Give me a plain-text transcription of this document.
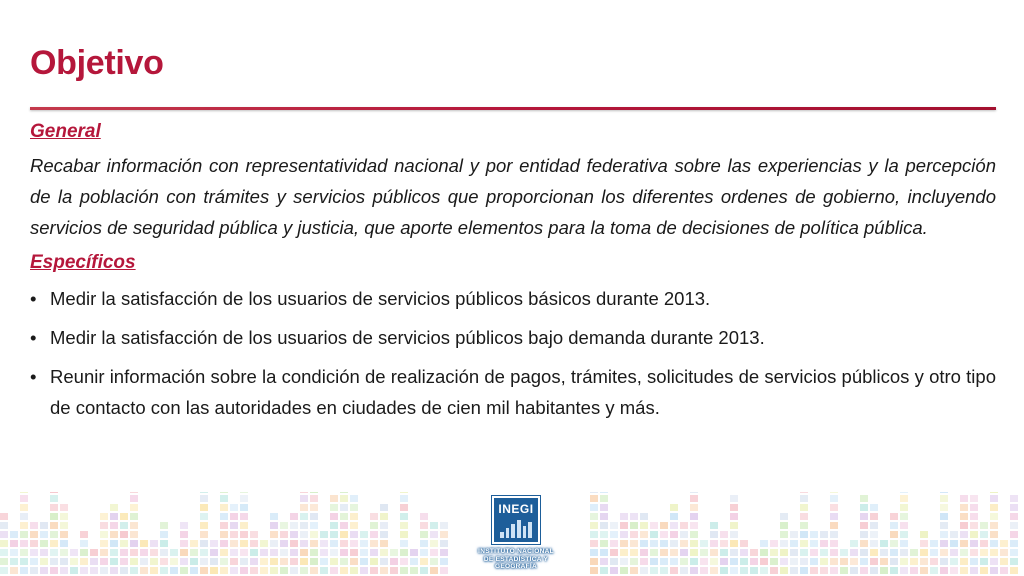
Objetivo

General

Recabar información con representatividad nacional y por entidad federativa sobre las experiencias y la percepción de la población con trámites y servicios públicos que proporcionan los diferentes ordenes de gobierno, incluyendo servicios de seguridad pública y justicia, que aporte elementos para la toma de decisiones de política pública.

Específicos

• Medir la satisfacción de los usuarios de servicios públicos básicos durante 2013.
• Medir la satisfacción de los usuarios de servicios públicos bajo demanda durante 2013.
• Reunir información sobre la condición de realización de pagos, trámites, solicitudes de servicios públicos y otro tipo de contacto con las autoridades en ciudades de cien mil habitantes y más.
INEGI
INSTITUTO NACIONAL
DE ESTADÍSTICA Y GEOGRAFÍA
